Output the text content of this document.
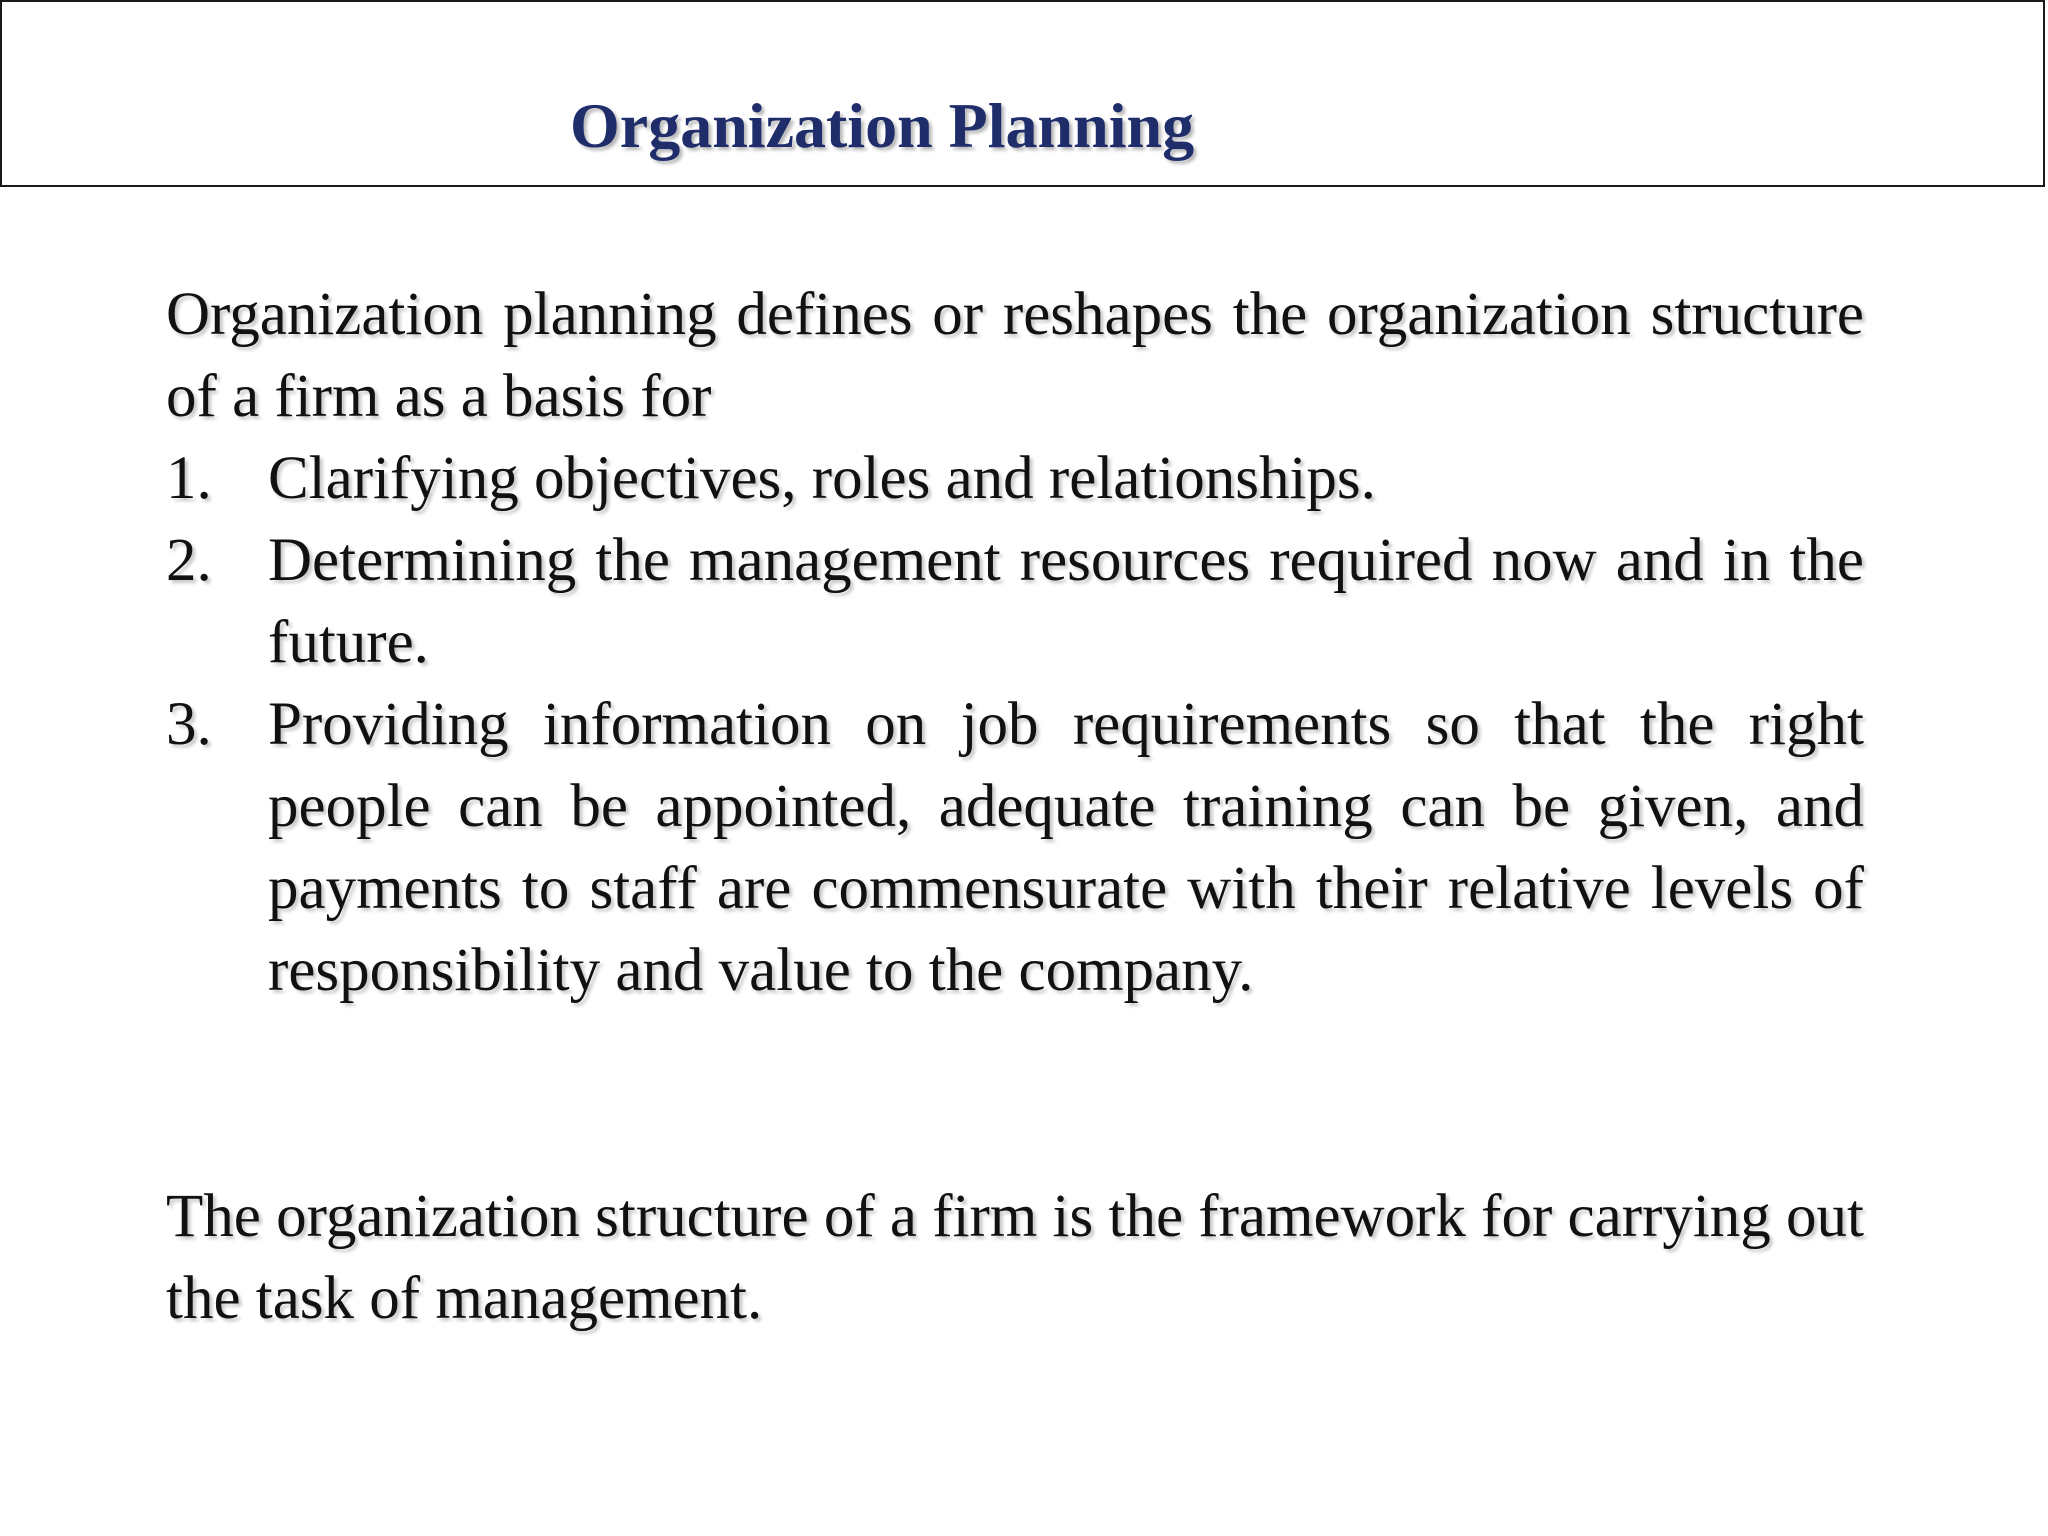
Organization Planning

Organization planning defines or reshapes the organization structure of a firm as a basis for

1. Clarifying objectives, roles and relationships.
2. Determining the management resources required now and in the future.
3. Providing information on job requirements so that the right people can be appointed, adequate training can be given, and payments to staff are commensurate with their relative levels of responsibility and value to the company.

The organization structure of a firm is the framework for carrying out the task of management.
